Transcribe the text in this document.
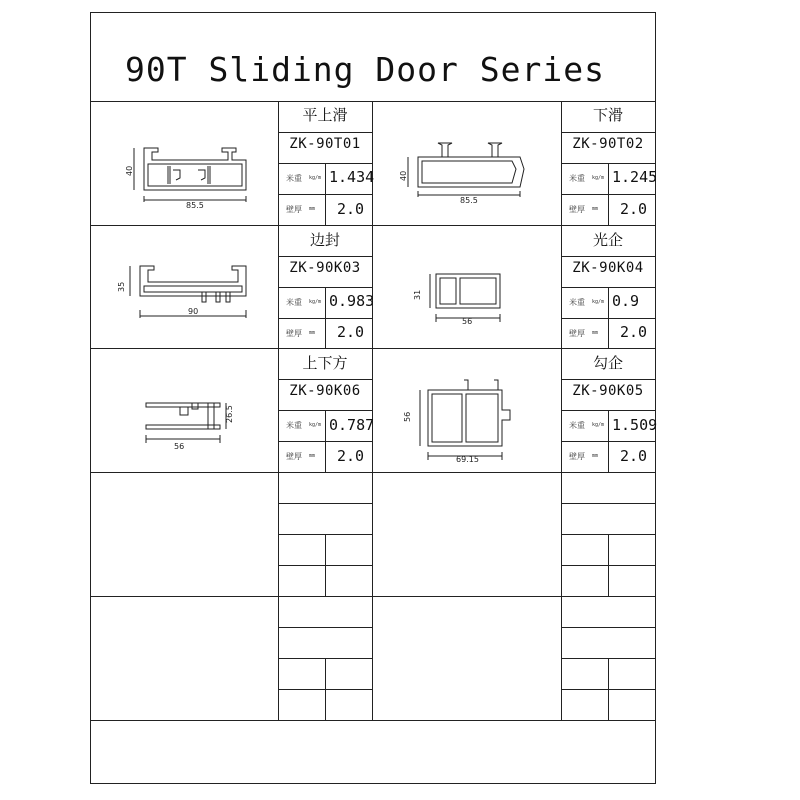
90T Sliding Door Series
平上滑
ZK-90T01
米重 kg/m 1.434
壁厚 mm 2.0
40
85.5
下滑
ZK-90T02
米重 kg/m 1.245
壁厚 mm 2.0
40
85.5
边封
ZK-90K03
米重 kg/m 0.983
壁厚 mm 2.0
35
90
光企
ZK-90K04
米重 kg/m 0.9
壁厚 mm 2.0
31
56
上下方
ZK-90K06
米重 kg/m 0.787
壁厚 mm 2.0
26.5
56
勾企
ZK-90K05
米重 kg/m 1.509
壁厚 mm 2.0
56
69.15
